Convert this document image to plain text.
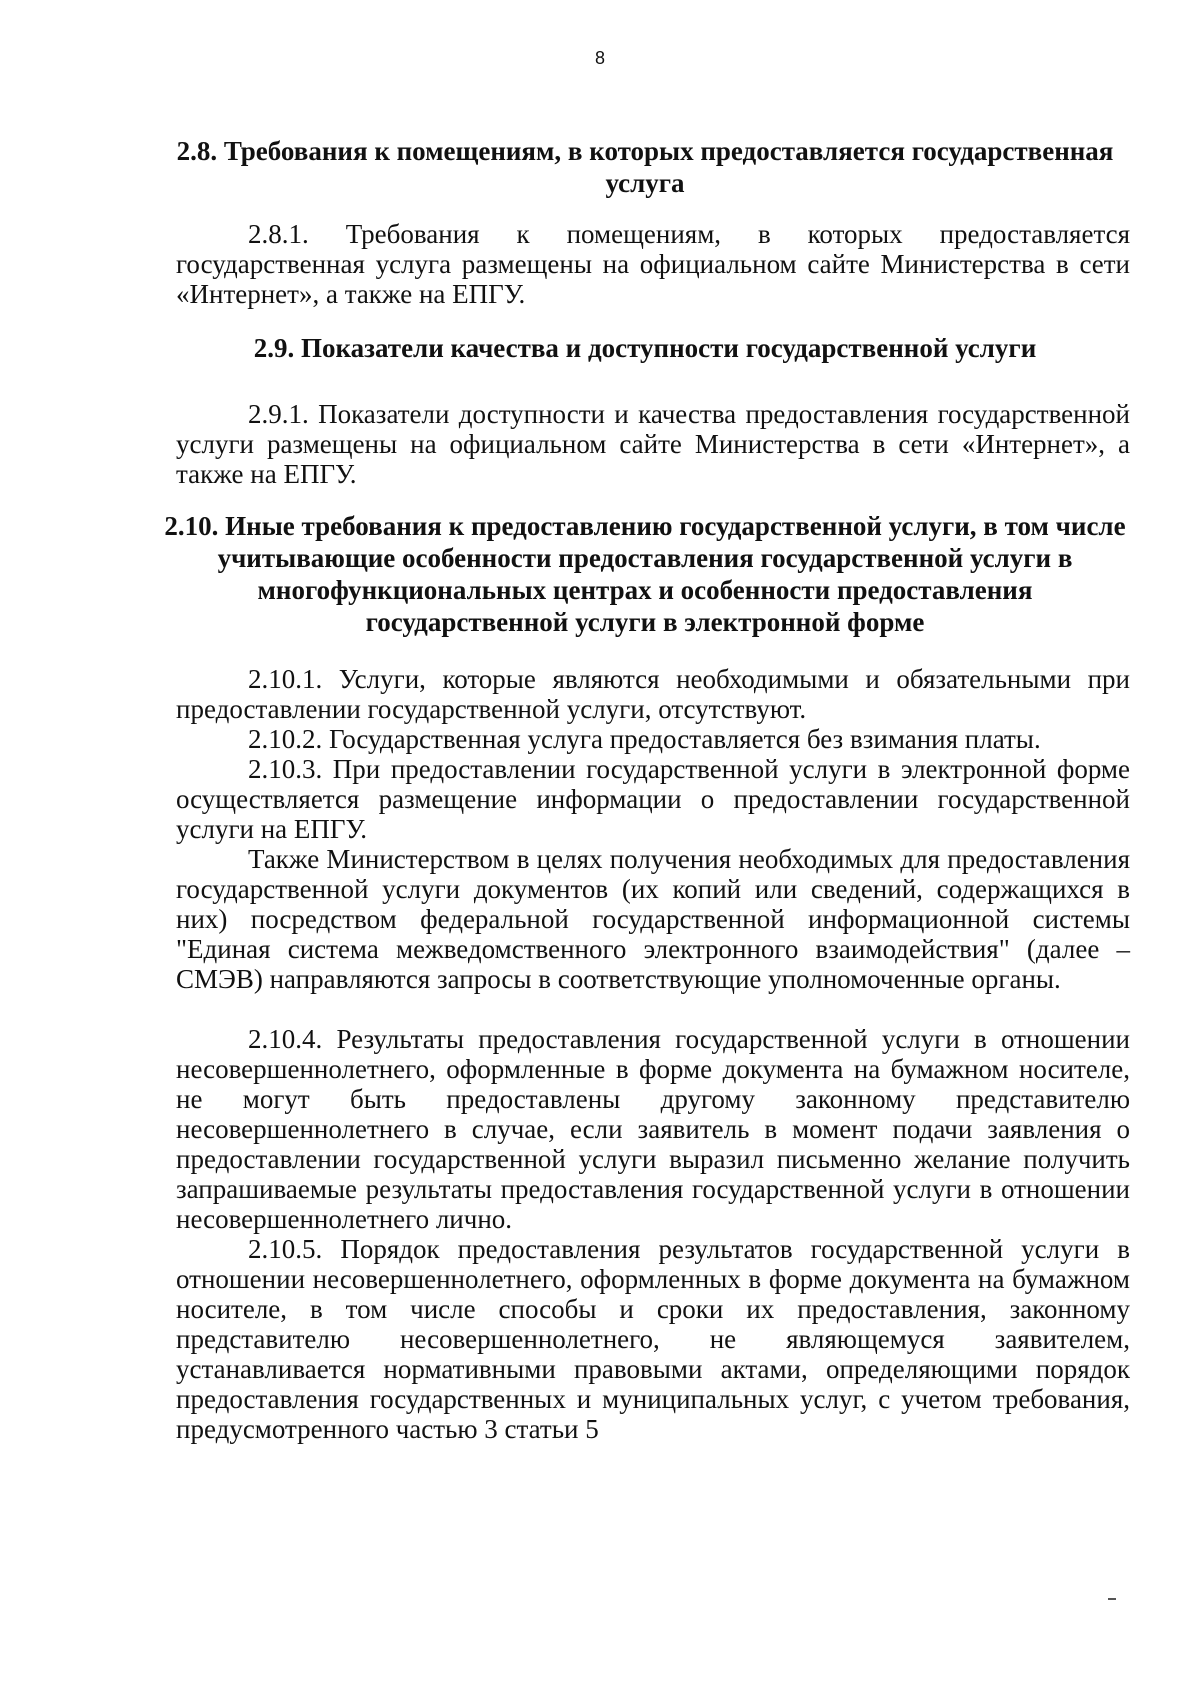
8
2.8. Требования к помещениям, в которых предоставляется государственная услуга
2.8.1. Требования к помещениям, в которых предоставляется государственная услуга размещены на официальном сайте Министерства в сети «Интернет», а также на ЕПГУ.
2.9. Показатели качества и доступности государственной услуги
2.9.1. Показатели доступности и качества предоставления государственной услуги размещены на официальном сайте Министерства в сети «Интернет», а также на ЕПГУ.
2.10. Иные требования к предоставлению государственной услуги, в том числе учитывающие особенности предоставления государственной услуги в многофункциональных центрах и особенности предоставления государственной услуги в электронной форме
2.10.1. Услуги, которые являются необходимыми и обязательными при предоставлении государственной услуги, отсутствуют.
2.10.2. Государственная услуга предоставляется без взимания платы.
2.10.3. При предоставлении государственной услуги в электронной форме осуществляется размещение информации о предоставлении государственной услуги на ЕПГУ.
Также Министерством в целях получения необходимых для предоставления государственной услуги документов (их копий или сведений, содержащихся в них) посредством федеральной государственной информационной системы "Единая система межведомственного электронного взаимодействия" (далее – СМЭВ) направляются запросы в соответствующие уполномоченные органы.
2.10.4. Результаты предоставления государственной услуги в отношении несовершеннолетнего, оформленные в форме документа на бумажном носителе, не могут быть предоставлены другому законному представителю несовершеннолетнего в случае, если заявитель в момент подачи заявления о предоставлении государственной услуги выразил письменно желание получить запрашиваемые результаты предоставления государственной услуги в отношении несовершеннолетнего лично.
2.10.5. Порядок предоставления результатов государственной услуги в отношении несовершеннолетнего, оформленных в форме документа на бумажном носителе, в том числе способы и сроки их предоставления, законному представителю несовершеннолетнего, не являющемуся заявителем, устанавливается нормативными правовыми актами, определяющими порядок предоставления государственных и муниципальных услуг, с учетом требования, предусмотренного частью 3 статьи 5
